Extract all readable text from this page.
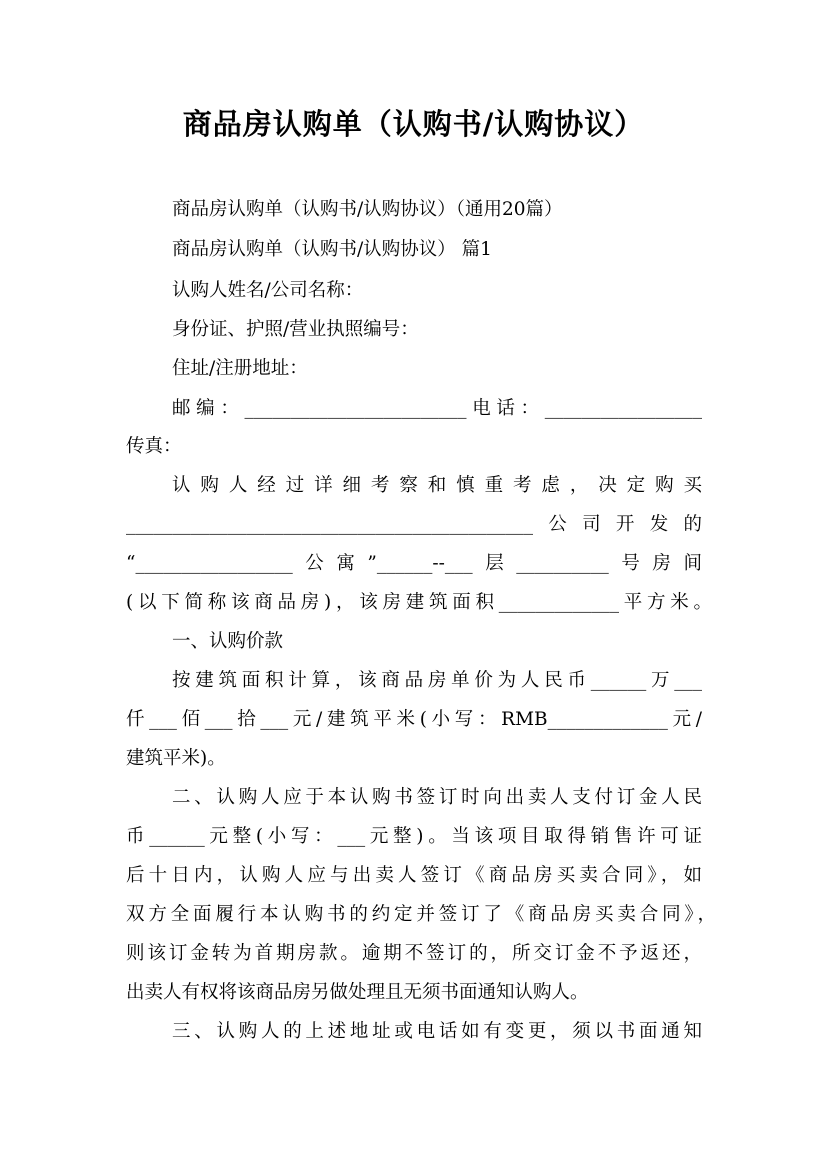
商品房认购单（认购书/认购协议）
商品房认购单（认购书/认购协议）（通用20篇）
商品房认购单（认购书/认购协议） 篇1
认购人姓名/公司名称：
身份证、护照/营业执照编号：
住址/注册地址：
邮编：________________________电话：_________________
传真：
认购人经过详细考察和慎重考虑，决定购买
____________________________________________公司开发的
“_________________公寓”______--___层__________号房间
(以下简称该商品房)，该房建筑面积_____________平方米。
一、认购价款
按建筑面积计算，该商品房单价为人民币______万___
仟___佰___拾___元/建筑平米(小写：RMB_____________元/
建筑平米)。
二、认购人应于本认购书签订时向出卖人支付订金人民
币______元整(小写：___元整)。当该项目取得销售许可证
后十日内，认购人应与出卖人签订《商品房买卖合同》，如
双方全面履行本认购书的约定并签订了《商品房买卖合同》，
则该订金转为首期房款。逾期不签订的，所交订金不予返还，
出卖人有权将该商品房另做处理且无须书面通知认购人。
三、认购人的上述地址或电话如有变更，须以书面通知
